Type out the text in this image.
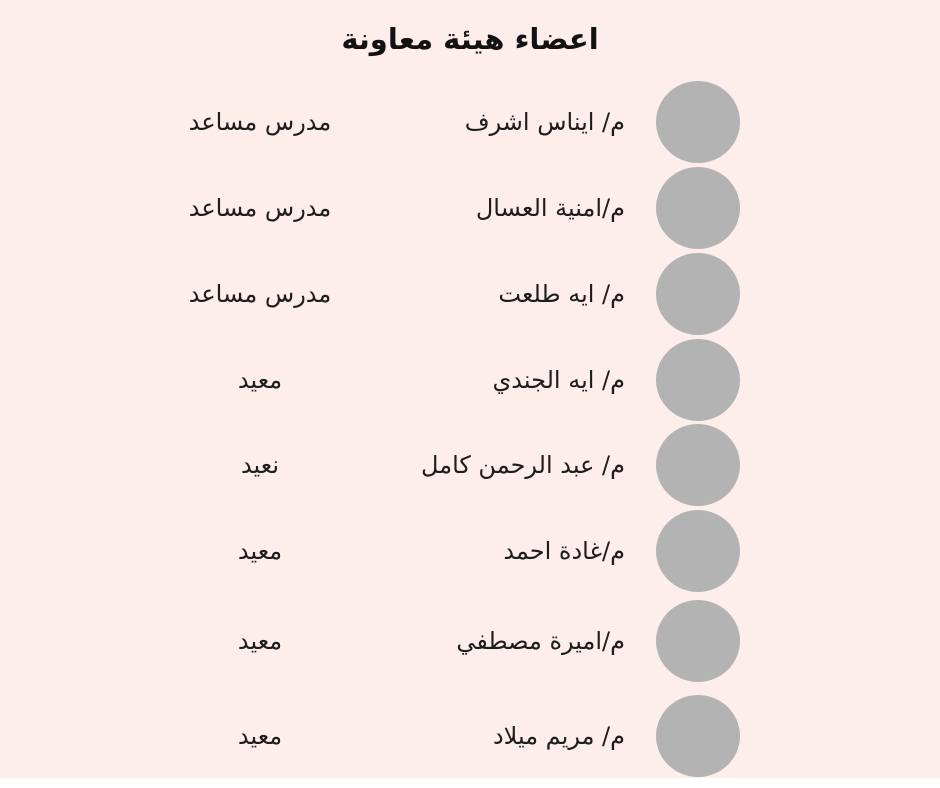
اعضاء هيئة معاونة
مدرس مساعد	م/ ايناس اشرف
مدرس مساعد	م/امنية العسال
مدرس مساعد	م/ ايه طلعت
معيد	م/ ايه الجندي
نعيد	م/ عبد الرحمن كامل
معيد	م/غادة احمد
معيد	م/اميرة مصطفي
معيد	م/ مريم ميلاد
